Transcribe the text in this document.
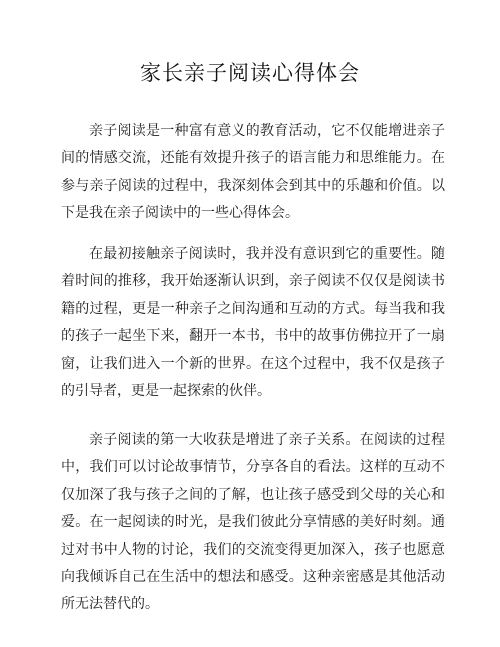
家长亲子阅读心得体会

亲子阅读是一种富有意义的教育活动，它不仅能增进亲子间的情感交流，还能有效提升孩子的语言能力和思维能力。在参与亲子阅读的过程中，我深刻体会到其中的乐趣和价值。以下是我在亲子阅读中的一些心得体会。

在最初接触亲子阅读时，我并没有意识到它的重要性。随着时间的推移，我开始逐渐认识到，亲子阅读不仅仅是阅读书籍的过程，更是一种亲子之间沟通和互动的方式。每当我和我的孩子一起坐下来，翻开一本书，书中的故事仿佛拉开了一扇窗，让我们进入一个新的世界。在这个过程中，我不仅是孩子的引导者，更是一起探索的伙伴。

亲子阅读的第一大收获是增进了亲子关系。在阅读的过程中，我们可以讨论故事情节，分享各自的看法。这样的互动不仅加深了我与孩子之间的了解，也让孩子感受到父母的关心和爱。在一起阅读的时光，是我们彼此分享情感的美好时刻。通过对书中人物的讨论，我们的交流变得更加深入，孩子也愿意向我倾诉自己在生活中的想法和感受。这种亲密感是其他活动所无法替代的。
